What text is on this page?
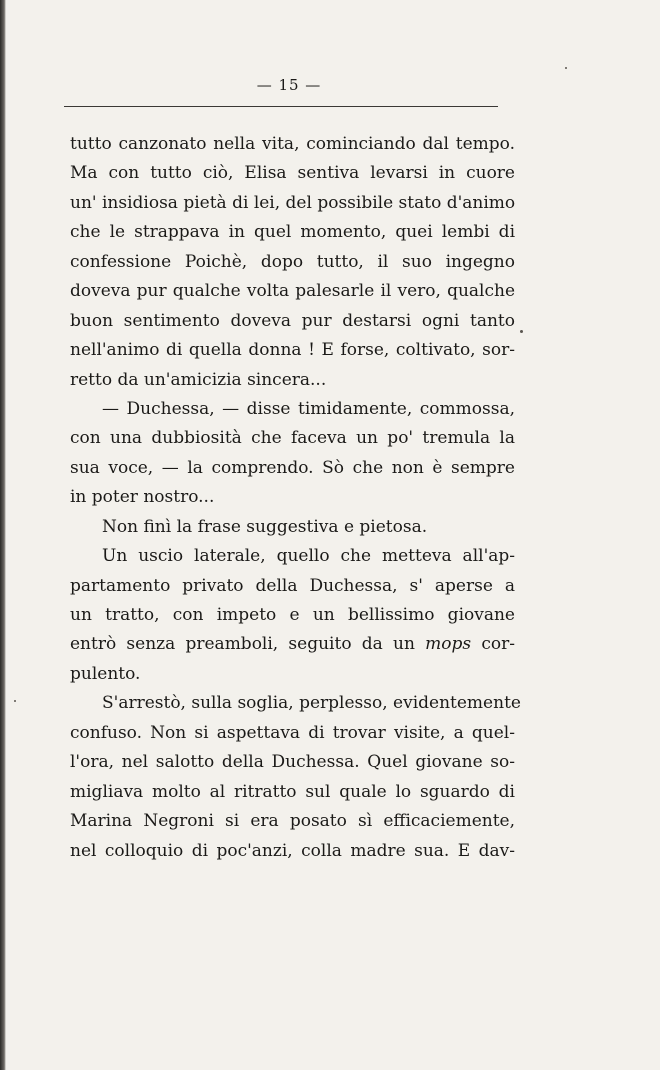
— 15 —
tutto canzonato nella vita, cominciando dal tempo.
Ma con tutto ciò, Elisa sentiva levarsi in cuore
un' insidiosa pietà di lei, del possibile stato d'animo
che le strappava in quel momento, quei lembi di
confessione Poichè, dopo tutto, il suo ingegno
doveva pur qualche volta palesarle il vero, qualche
buon sentimento doveva pur destarsi ogni tanto
nell'animo di quella donna ! E forse, coltivato, sor-
retto da un'amicizia sincera...
— Duchessa, — disse timidamente, commossa,
con una dubbiosità che faceva un po' tremula la
sua voce, — la comprendo. Sò che non è sempre
in poter nostro...
Non finì la frase suggestiva e pietosa.
Un uscio laterale, quello che metteva all'ap-
partamento privato della Duchessa, s' aperse a
un tratto, con impeto e un bellissimo giovane
entrò senza preamboli, seguito da un mops cor-
pulento.
S'arrestò, sulla soglia, perplesso, evidentemente
confuso. Non si aspettava di trovar visite, a quel-
l'ora, nel salotto della Duchessa. Quel giovane so-
migliava molto al ritratto sul quale lo sguardo di
Marina Negroni si era posato sì efficaciemente,
nel colloquio di poc'anzi, colla madre sua. E dav-
